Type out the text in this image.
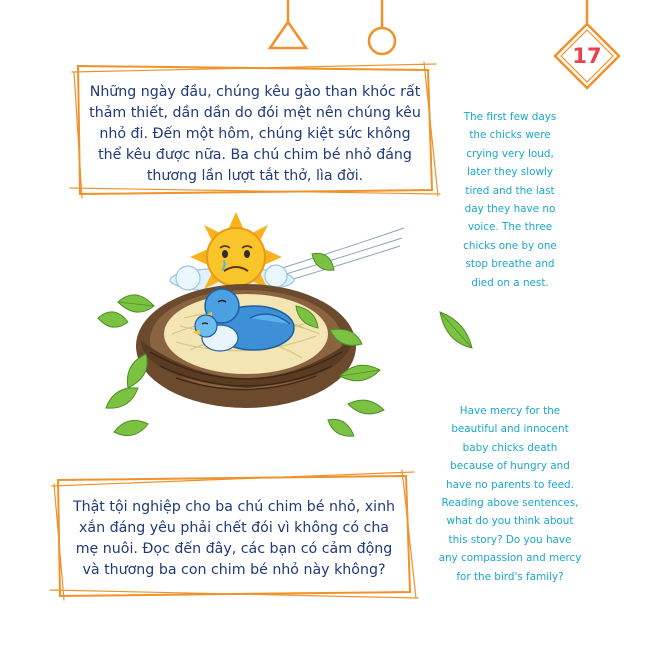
17

Những ngày đầu, chúng kêu gào than khóc rất thảm thiết, dần dần do đói mệt nên chúng kêu nhỏ đi. Đến một hôm, chúng kiệt sức không thể kêu được nữa. Ba chú chim bé nhỏ đáng thương lần lượt tắt thở, lìa đời.

Thật tội nghiệp cho ba chú chim bé nhỏ, xinh xắn đáng yêu phải chết đói vì không có cha mẹ nuôi. Đọc đến đây, các bạn có cảm động và thương ba con chim bé nhỏ này không?

The first few days
the chicks were
crying very loud,
later they slowly
tired and the last
day they have no
voice. The three
chicks one by one
stop breathe and
died on a nest.

Have mercy for the
beautiful and innocent
baby chicks death
because of hungry and
have no parents to feed.
Reading above sentences,
what do you think about
this story? Do you have
any compassion and mercy
for the bird's family?
